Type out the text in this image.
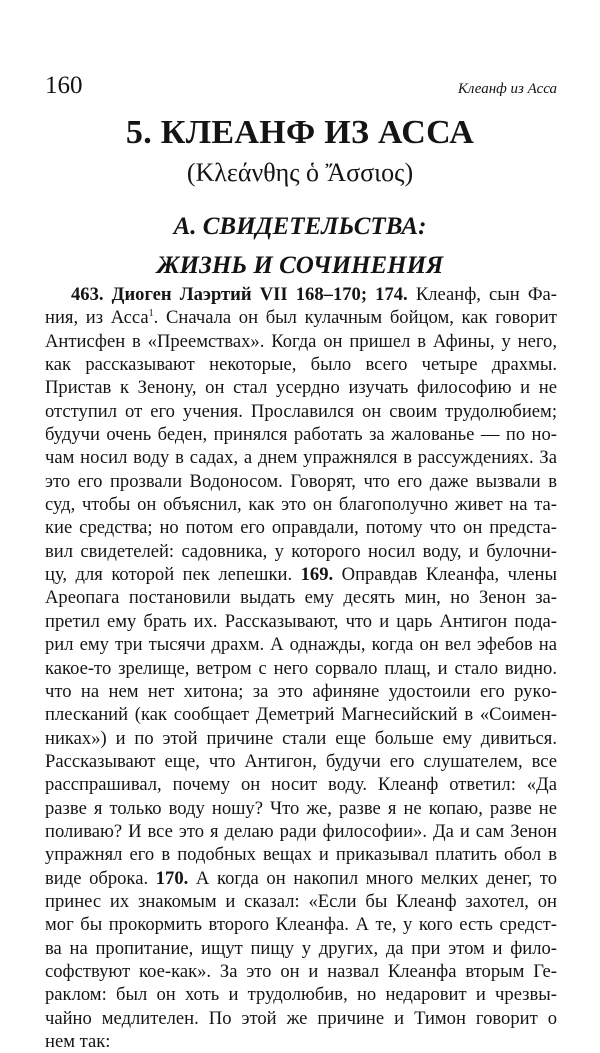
160	Клеанф из Асса
5. КЛЕАНФ ИЗ АССА
(Κλεάνθης ὁ Ἄσσιος)
А. СВИДЕТЕЛЬСТВА:
ЖИЗНЬ И СОЧИНЕНИЯ
463. Диоген Лаэртий VII 168–170; 174. Клеанф, сын Фа-
ния, из Асса$^1$. Сначала он был кулачным бойцом, как говорит
Антисфен в «Преемствах». Когда он пришел в Афины, у него,
как рассказывают некоторые, было всего четыре драхмы.
Пристав к Зенону, он стал усердно изучать философию и не
отступил от его учения. Прославился он своим трудолюбием;
будучи очень беден, принялся работать за жалованье — по но-
чам носил воду в садах, а днем упражнялся в рассуждениях. За
это его прозвали Водоносом. Говорят, что его даже вызвали в
суд, чтобы он объяснил, как это он благополучно живет на та-
кие средства; но потом его оправдали, потому что он предста-
вил свидетелей: садовника, у которого носил воду, и булочни-
цу, для которой пек лепешки. 169. Оправдав Клеанфа, члены
Ареопага постановили выдать ему десять мин, но Зенон за-
претил ему брать их. Рассказывают, что и царь Антигон пода-
рил ему три тысячи драхм. А однажды, когда он вел эфебов на
какое-то зрелище, ветром с него сорвало плащ, и стало видно.
что на нем нет хитона; за это афиняне удостоили его рукo-
плесканий (как сообщает Деметрий Магнесийский в «Соимен-
никах») и по этой причине стали еще больше ему дивиться.
Рассказывают еще, что Антигон, будучи его слушателем, все
расспрашивал, почему он носит воду. Клеанф ответил: «Да
разве я только воду ношу? Что же, разве я не копаю, разве не
поливаю? И все это я делаю ради философии». Да и сам Зенон
упражнял его в подобных вещах и приказывал платить обол в
виде оброка. 170. А когда он накопил много мелких денег, то
принес их знакомым и сказал: «Если бы Клеанф захотел, он
мог бы прокормить второго Клеанфа. А те, у кого есть средст-
ва на пропитание, ищут пищу у других, да при этом и фило-
софствуют кое-как». За это он и назвал Клеанфа вторым Ге-
раклом: был он хоть и трудолюбив, но недаровит и чрезвы-
чайно медлителен. По этой же причине и Тимон говорит о
нем так:
